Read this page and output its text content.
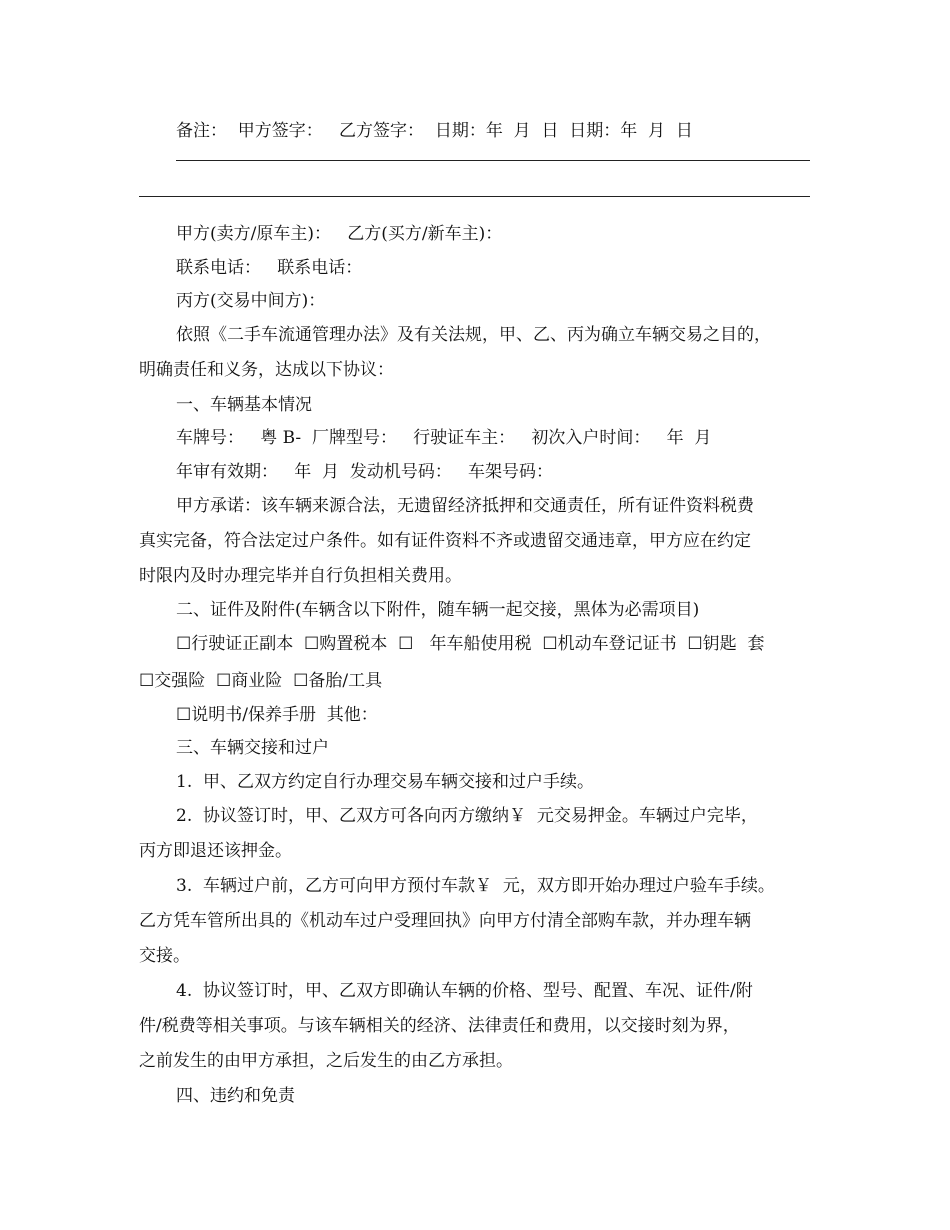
备注：  甲方签字：   乙方签字：  日期：年  月  日  日期：年  月  日
甲方(卖方/原车主)：   乙方(买方/新车主)：
联系电话：   联系电话：
丙方(交易中间方)：
依照《二手车流通管理办法》及有关法规，甲、乙、丙为确立车辆交易之目的，
明确责任和义务，达成以下协议：
一、车辆基本情况
车牌号：   粤 B-  厂牌型号：   行驶证车主：   初次入户时间：   年  月
年审有效期：   年  月  发动机号码：   车架号码：
甲方承诺：该车辆来源合法，无遗留经济抵押和交通责任，所有证件资料税费
真实完备，符合法定过户条件。如有证件资料不齐或遗留交通违章，甲方应在约定
时限内及时办理完毕并自行负担相关费用。
二、证件及附件(车辆含以下附件，随车辆一起交接，黑体为必需项目)
☐行驶证正副本  ☐购置税本  ☐   年车船使用税  ☐机动车登记证书  ☐钥匙  套
☐交强险  ☐商业险  ☐备胎/工具
☐说明书/保养手册  其他：
三、车辆交接和过户
1.  甲、乙双方约定自行办理交易车辆交接和过户手续。
2.  协议签订时，甲、乙双方可各向丙方缴纳￥  元交易押金。车辆过户完毕，
丙方即退还该押金。
3.  车辆过户前，乙方可向甲方预付车款￥  元，双方即开始办理过户验车手续。
乙方凭车管所出具的《机动车过户受理回执》向甲方付清全部购车款，并办理车辆
交接。
4.  协议签订时，甲、乙双方即确认车辆的价格、型号、配置、车况、证件/附
件/税费等相关事项。与该车辆相关的经济、法律责任和费用，以交接时刻为界，
之前发生的由甲方承担，之后发生的由乙方承担。
四、违约和免责
